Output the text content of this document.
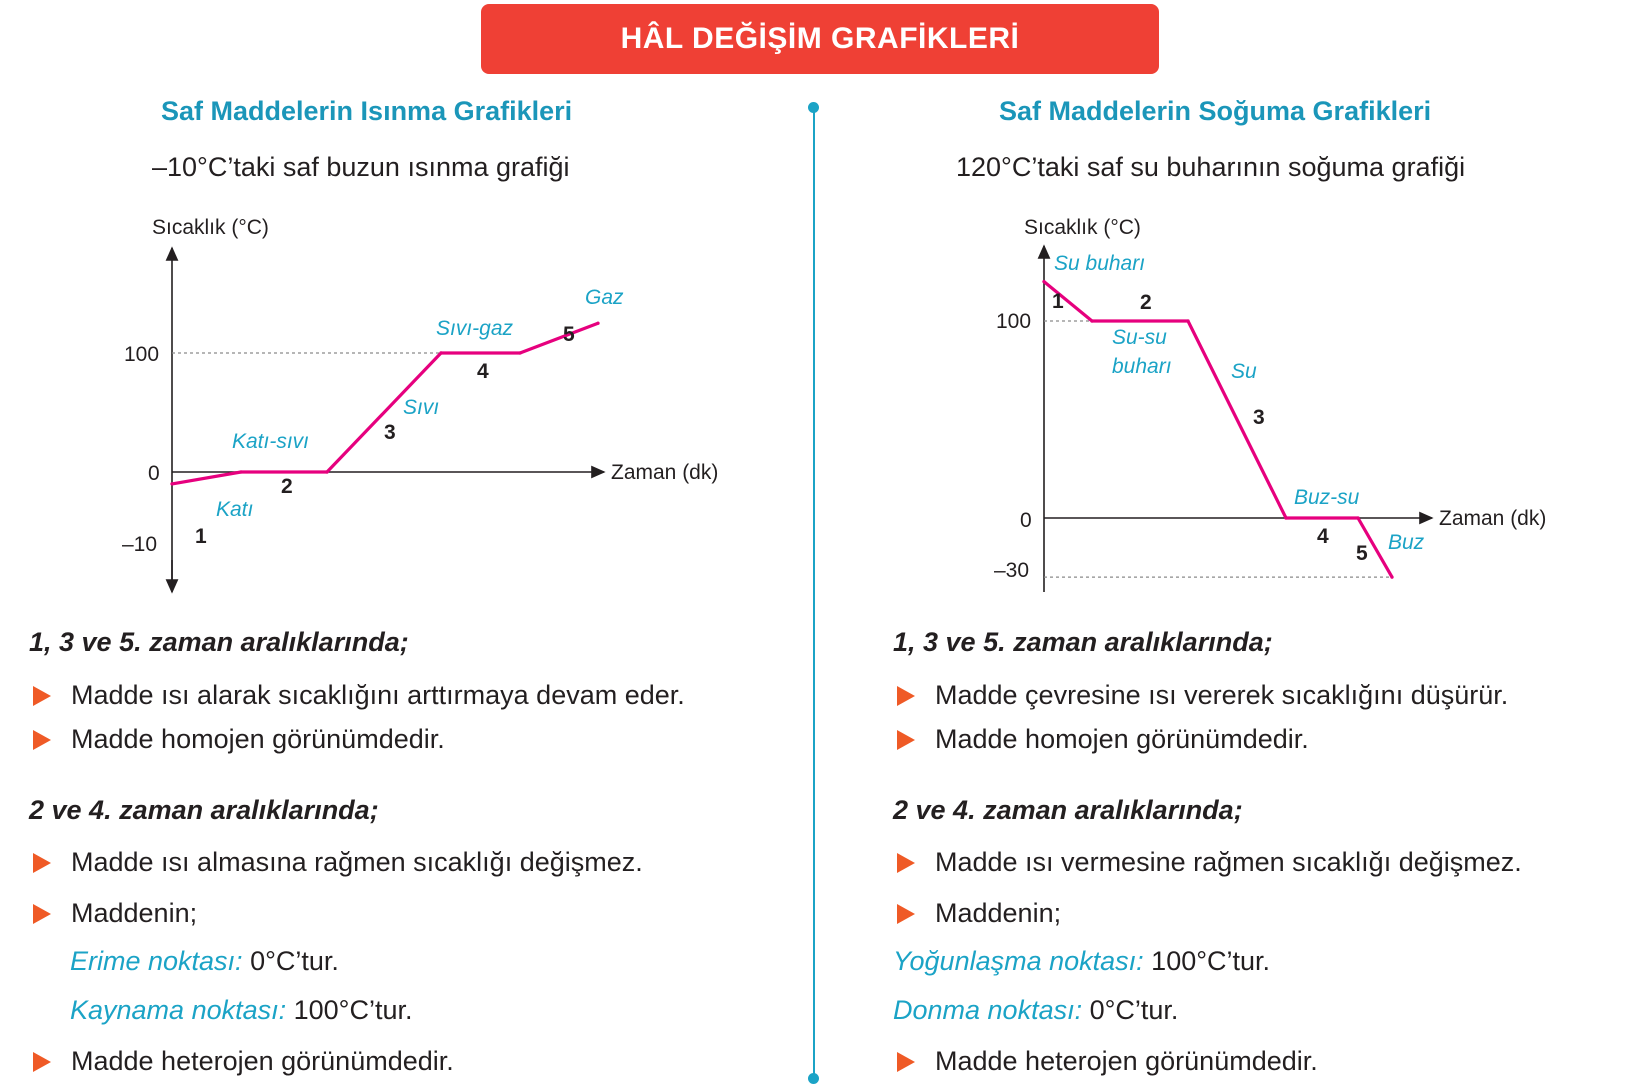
HÂL DEĞİŞİM GRAFİKLERİ
Saf Maddelerin Isınma Grafikleri
–10°C’taki saf buzun ısınma grafiği
Sıcaklık (°C)
Zaman (dk)
100
0
–10 1
2
3
4
5
Katı
Katı-sıvı
Sıvı
Sıvı-gaz
Gaz
1, 3 ve 5. zaman aralıklarında;
Madde ısı alarak sıcaklığını arttırmaya devam eder.
Madde homojen görünümdedir.
2 ve 4. zaman aralıklarında;
Madde ısı almasına rağmen sıcaklığı değişmez.
Maddenin;
Erime noktası: 0°C’tur.
Kaynama noktası: 100°C’tur.
Madde heterojen görünümdedir.
Saf Maddelerin Soğuma Grafikleri
120°C’taki saf su buharının soğuma grafiği
Sıcaklık (°C)
Zaman (dk)
100
0
–30
1	2
3
4
5
Su buharı
Su-su
buharı	Su
Buz-su
Buz
1, 3 ve 5. zaman aralıklarında;
Madde çevresine ısı vererek sıcaklığını düşürür.
Madde homojen görünümdedir.
2 ve 4. zaman aralıklarında;
Madde ısı vermesine rağmen sıcaklığı değişmez.
Maddenin;
Yoğunlaşma noktası: 100°C’tur.
Donma noktası: 0°C’tur.
Madde heterojen görünümdedir.
